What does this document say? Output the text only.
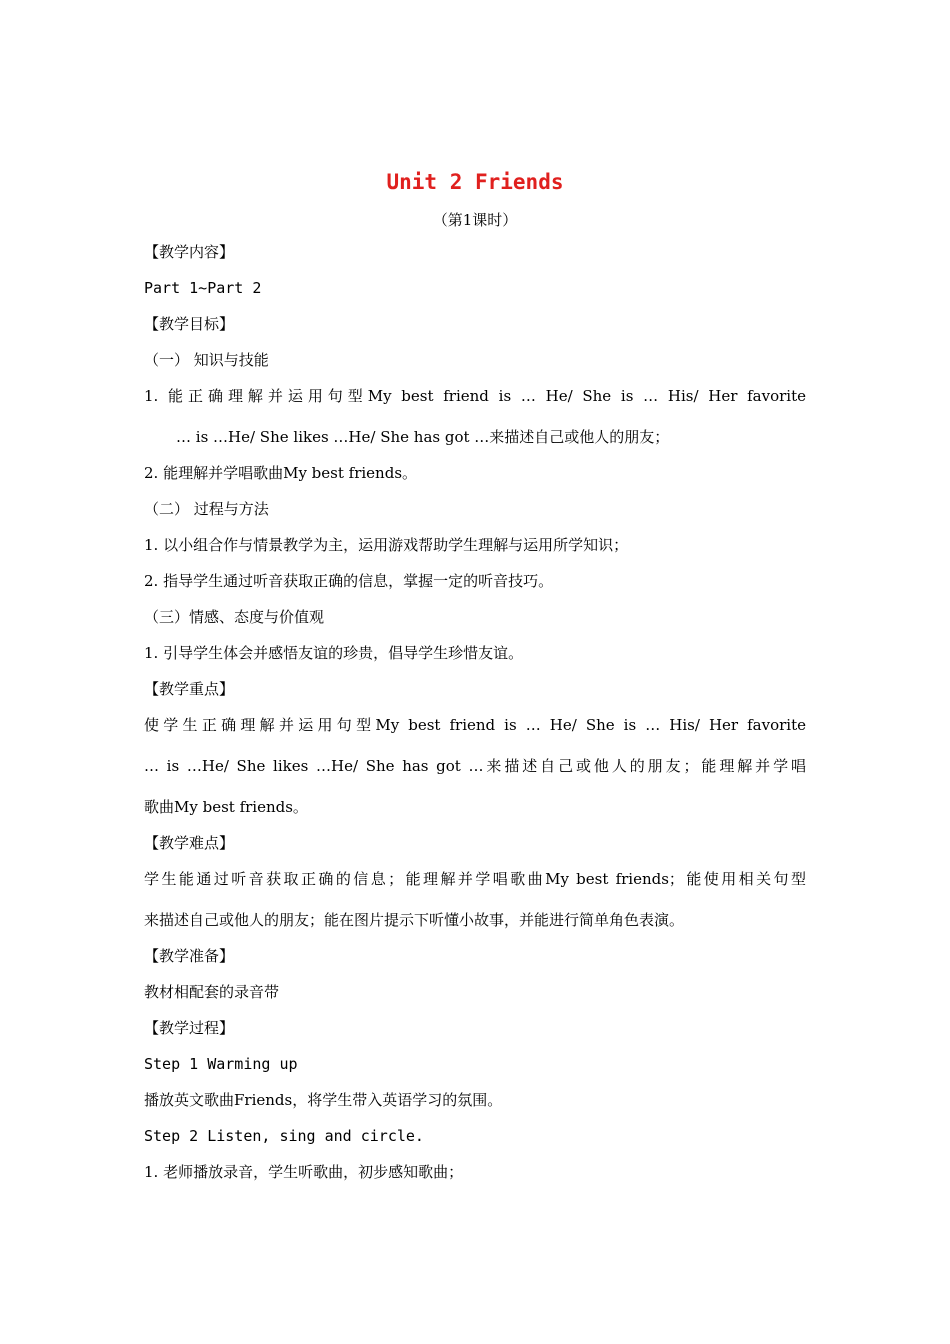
Unit 2 Friends
（第1课时）
【教学内容】
Part 1~Part 2
【教学目标】
（一） 知识与技能
1. 能正确理解并运用句型My best friend is … He/ She is … His/ Her favorite
… is …He/ She likes …He/ She has got …来描述自己或他人的朋友；
2. 能理解并学唱歌曲My best friends。
（二） 过程与方法
1. 以小组合作与情景教学为主，运用游戏帮助学生理解与运用所学知识；
2. 指导学生通过听音获取正确的信息，掌握一定的听音技巧。
（三）情感、态度与价值观
1. 引导学生体会并感悟友谊的珍贵，倡导学生珍惜友谊。
【教学重点】
使学生正确理解并运用句型My best friend is … He/ She is … His/ Her favorite
… is …He/ She likes …He/ She has got …来描述自己或他人的朋友；能理解并学唱
歌曲My best friends。
【教学难点】
学生能通过听音获取正确的信息；能理解并学唱歌曲My best friends；能使用相关句型
来描述自己或他人的朋友；能在图片提示下听懂小故事，并能进行简单角色表演。
【教学准备】
教材相配套的录音带
【教学过程】
Step 1 Warming up
播放英文歌曲Friends，将学生带入英语学习的氛围。
Step 2 Listen, sing and circle.
1. 老师播放录音，学生听歌曲，初步感知歌曲；
